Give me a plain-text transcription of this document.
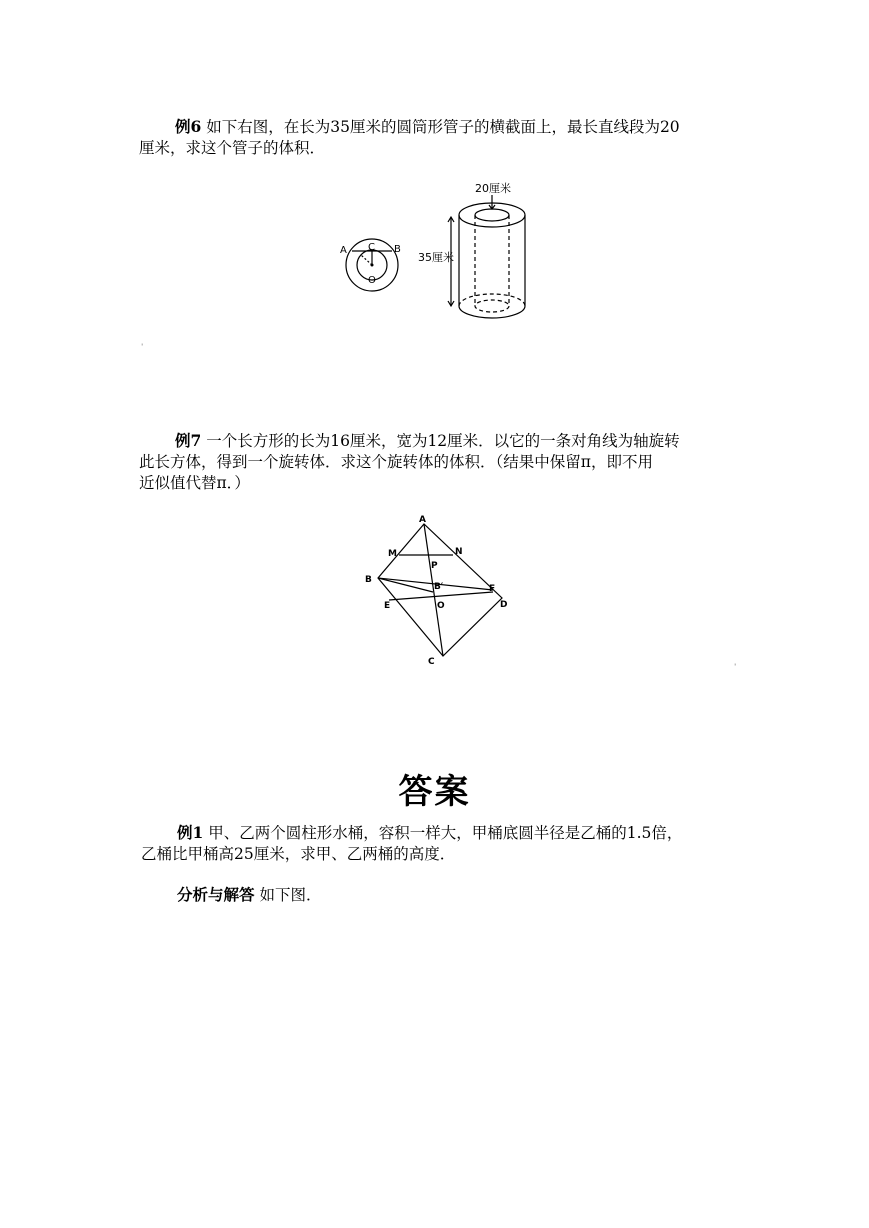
例6 如下右图，在长为35厘米的圆筒形管子的横截面上，最长直线段为20
厘米，求这个管子的体积．
A C B
O
20厘米
35厘米
ˈ
例7 一个长方形的长为16厘米，宽为12厘米．以它的一条对角线为轴旋转
此长方体，得到一个旋转体．求这个旋转体的体积．（结果中保留π，即不用
近似值代替π．）
A
M	N
P
B
B′	F
E	O	D
C
ˈ
答案
例1 甲、乙两个圆柱形水桶，容积一样大，甲桶底圆半径是乙桶的1.5倍，
乙桶比甲桶高25厘米，求甲、乙两桶的高度．
分析与解答 如下图．
